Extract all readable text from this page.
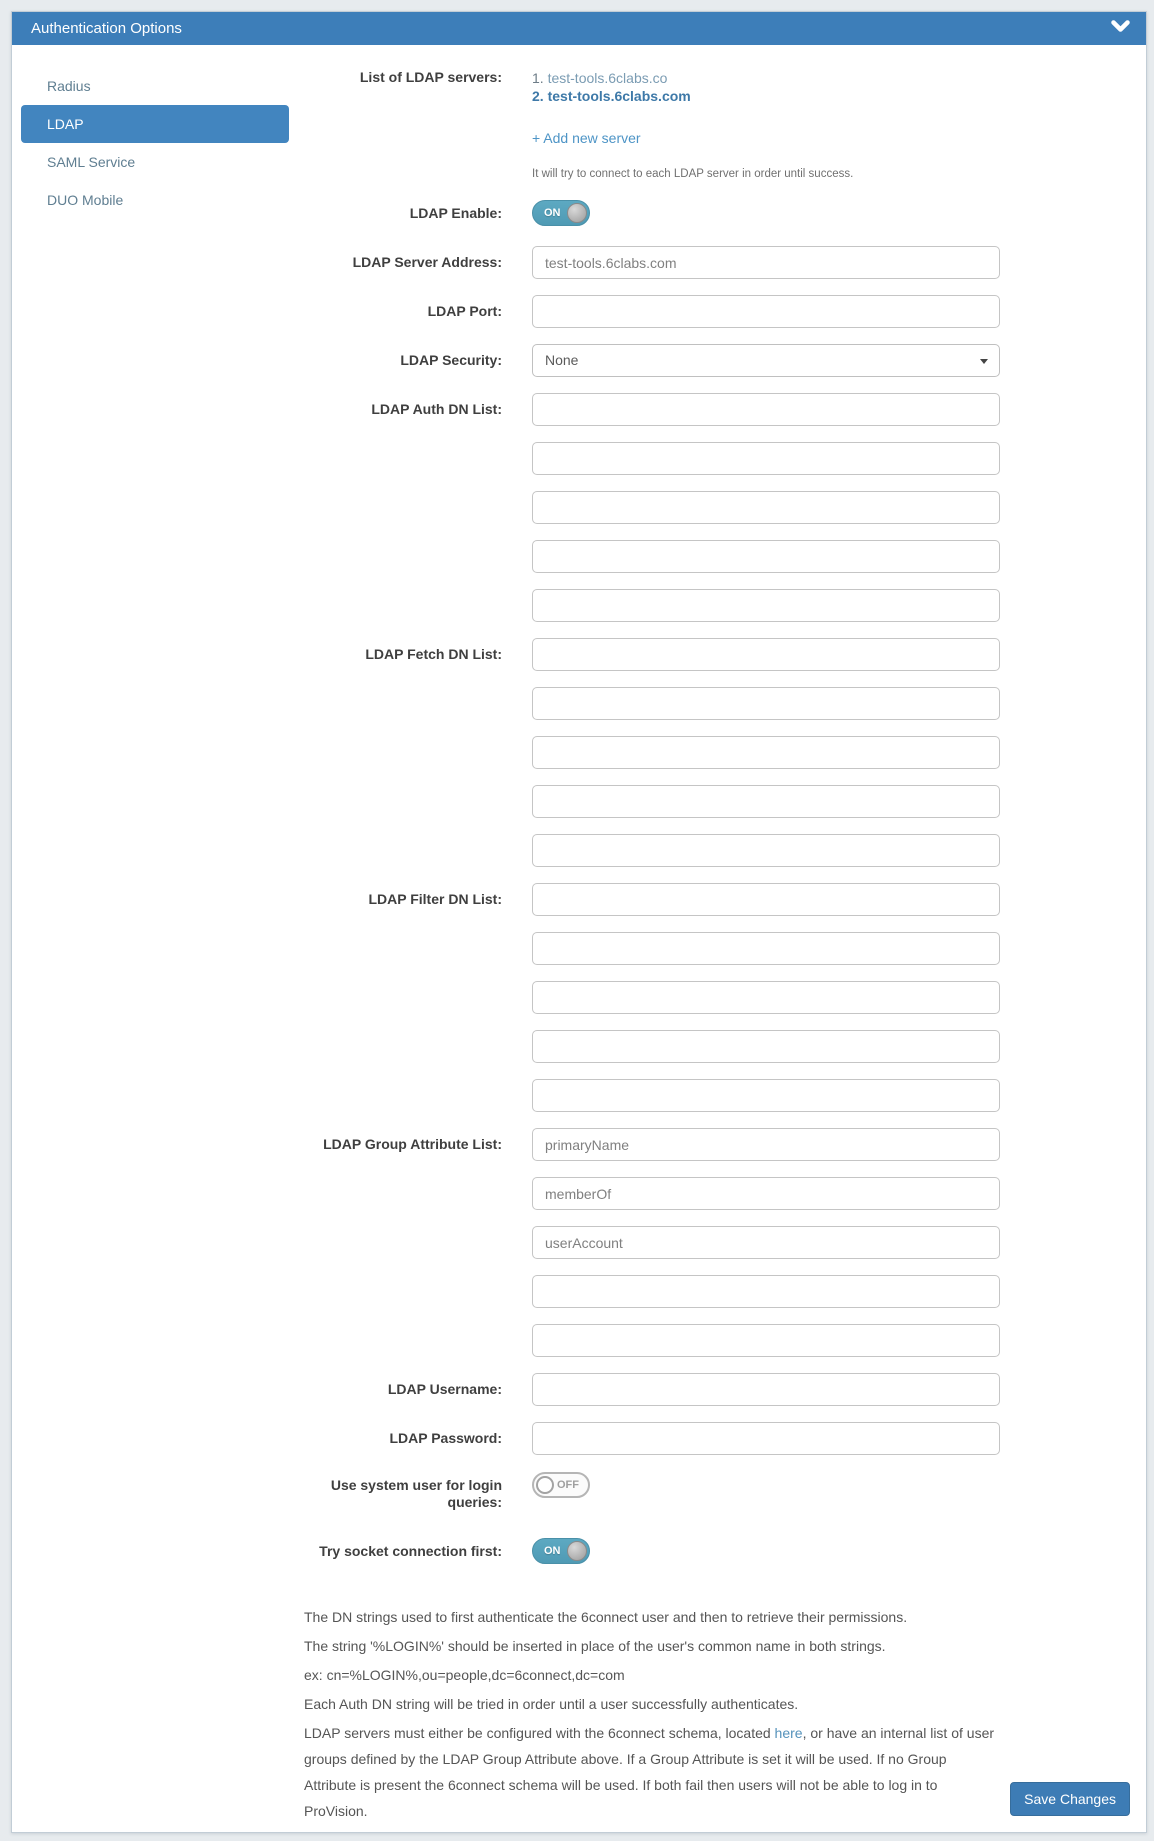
Authentication Options
Radius
LDAP
SAML Service
DUO Mobile
List of LDAP servers: 1. test-tools.6clabs.co
2. test-tools.6clabs.com
+ Add new server
It will try to connect to each LDAP server in order until success.
LDAP Enable:	ON
LDAP Server Address:
test-tools.6clabs.com
LDAP Port:
LDAP Security:	None
LDAP Auth DN List:
LDAP Fetch DN List:
LDAP Filter DN List:
LDAP Group Attribute List:
primaryName
memberOf
userAccount
LDAP Username:
LDAP Password:
Use system user for login queries:
OFF
Try socket connection first:	ON

The DN strings used to first authenticate the 6connect user and then to retrieve their permissions.

The string '%LOGIN%' should be inserted in place of the user's common name in both strings.

ex: cn=%LOGIN%,ou=people,dc=6connect,dc=com

Each Auth DN string will be tried in order until a user successfully authenticates.

LDAP servers must either be configured with the 6connect schema, located here, or have an internal list of user groups defined by the LDAP Group Attribute above. If a Group Attribute is set it will be used. If no Group Attribute is present the 6connect schema will be used. If both fail then users will not be able to log in to ProVision.

Save Changes
